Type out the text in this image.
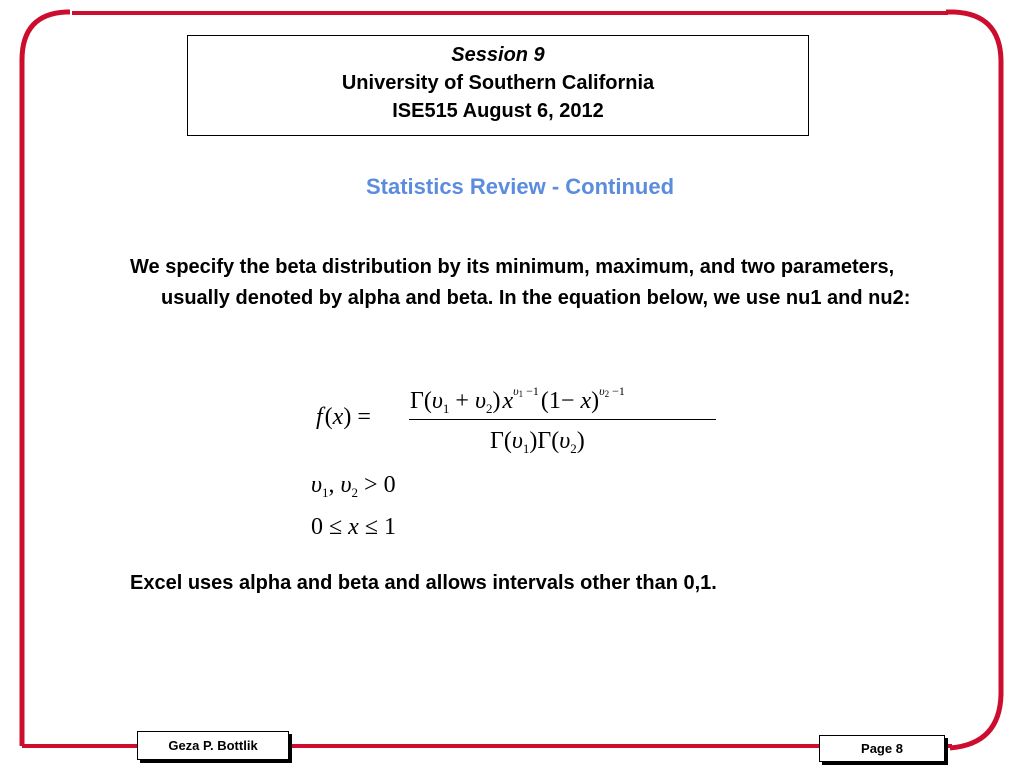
Session 9
University of Southern California
ISE515 August 6, 2012
Statistics Review - Continued
We specify the beta distribution by its minimum, maximum, and two parameters, usually denoted by alpha and beta. In the equation below, we use nu1 and nu2:
f (x) =
$\Gamma(\upsilon_1 + \upsilon_2)$ $x^{\upsilon_1 -1}$ $(1- x)^{\upsilon_2 -1}$
$\Gamma(\upsilon_1)\Gamma(\upsilon_2)$
$\upsilon_1$, $\upsilon_2 > 0$
0 ≤ x ≤ 1
Excel uses alpha and beta and allows intervals other than 0,1.
Geza P. Bottlik	Page 8
